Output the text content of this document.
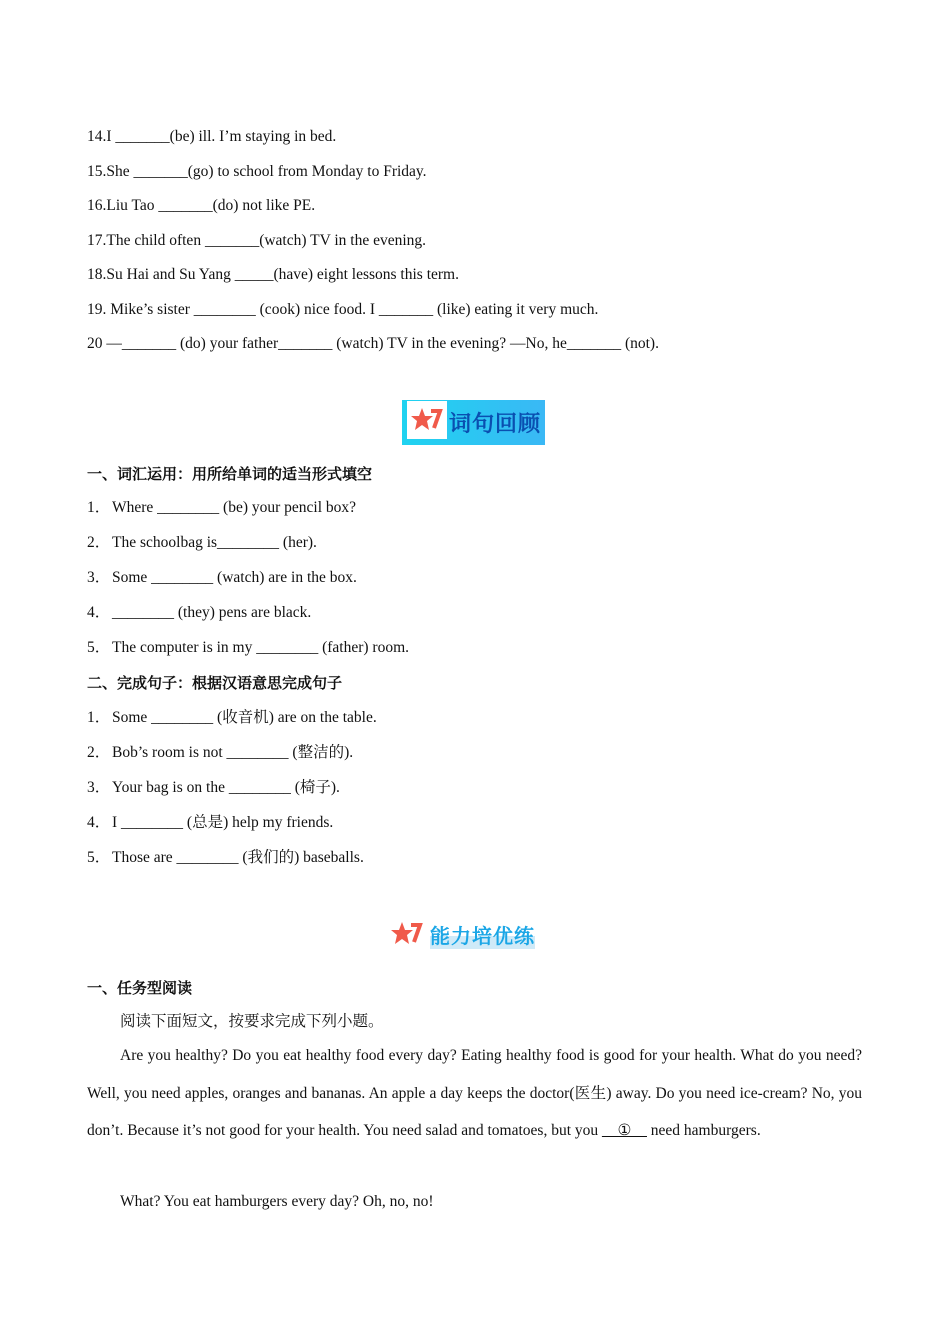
14.I _______(be) ill. I’m staying in bed.
15.She _______(go) to school from Monday to Friday.
16.Liu Tao _______(do) not like PE.
17.The child often _______(watch) TV in the evening.
18.Su Hai and Su Yang _____(have) eight lessons this term.
19. Mike’s sister ________ (cook) nice food. I _______ (like) eating it very much.
20 —_______ (do) your father_______ (watch) TV in the evening? —No, he_______ (not).
词句回顾
一、词汇运用：用所给单词的适当形式填空
1． Where ________ (be) your pencil box?
2． The schoolbag is________ (her).
3． Some ________ (watch) are in the box.
4． ________ (they) pens are black.
5． The computer is in my ________ (father) room.
二、完成句子：根据汉语意思完成句子
1． Some ________ (收音机) are on the table.
2． Bob’s room is not ________ (整洁的).
3． Your bag is on the ________ (椅子).
4． I ________ (总是) help my friends.
5． Those are ________ (我们的) baseballs.
能力培优练
一、任务型阅读
阅读下面短文，按要求完成下列小题。
Are you healthy? Do you eat healthy food every day? Eating healthy food is good for your health. What do you need? Well, you need apples, oranges and bananas. An apple a day keeps the doctor(医生) away. Do you need ice-cream? No, you don’t. Because it’s not good for your health. You need salad and tomatoes, but you __①__ need hamburgers.
What? You eat hamburgers every day? Oh, no, no!
